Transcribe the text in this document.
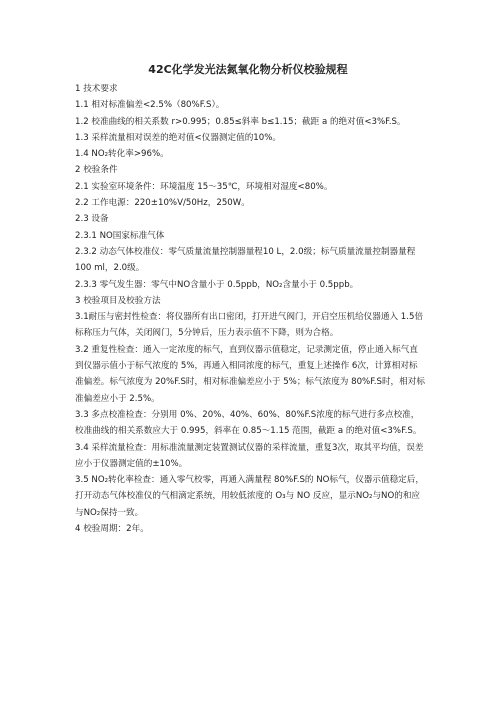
42C化学发光法氮氧化物分析仪校验规程

1 技术要求

1.1 相对标准偏差<2.5%（80%F.S）。

1.2 校准曲线的相关系数 r>0.995；0.85≤斜率 b≤1.15；截距 a 的绝对值<3%F.S。

1.3 采样流量相对误差的绝对值<仪器测定值的10%。

1.4 NO₂转化率>96%。

2 校验条件

2.1 实验室环境条件：环境温度 15～35℃，环境相对湿度<80%。

2.2 工作电源：220±10%V/50Hz，250W。

2.3 设备

2.3.1 NO国家标准气体

2.3.2 动态气体校准仪：零气质量流量控制器量程10 L，2.0级；标气质量流量控制器量程 100 ml，2.0级。

2.3.3 零气发生器：零气中NO含量小于 0.5ppb，NO₂含量小于 0.5ppb。

3 校验项目及校验方法

3.1耐压与密封性检查：将仪器所有出口密闭，打开进气阀门，开启空压机给仪器通入 1.5倍标称压力气体，关闭阀门，5分钟后，压力表示值不下降，则为合格。

3.2 重复性检查：通入一定浓度的标气，直到仪器示值稳定，记录测定值，停止通入标气直到仪器示值小于标气浓度的 5%，再通入相同浓度的标气，重复上述操作 6次，计算相对标准偏差。标气浓度为 20%F.S时，相对标准偏差应小于 5%；标气浓度为 80%F.S时，相对标准偏差应小于 2.5%。

3.3 多点校准检查：分别用 0%、20%、40%、60%、80%F.S浓度的标气进行多点校准，校准曲线的相关系数应大于 0.995，斜率在 0.85～1.15 范围，截距 a 的绝对值<3%F.S。

3.4 采样流量检查：用标准流量测定装置测试仪器的采样流量，重复3次，取其平均值，误差应小于仪器测定值的±10%。

3.5 NO₂转化率检查：通入零气校零，再通入满量程 80%F.S的 NO标气，仪器示值稳定后，打开动态气体校准仪的气相滴定系统，用较低浓度的 O₃与 NO 反应，显示NO₂与NO的和应与NO₂保持一致。

4 校验周期：2年。
